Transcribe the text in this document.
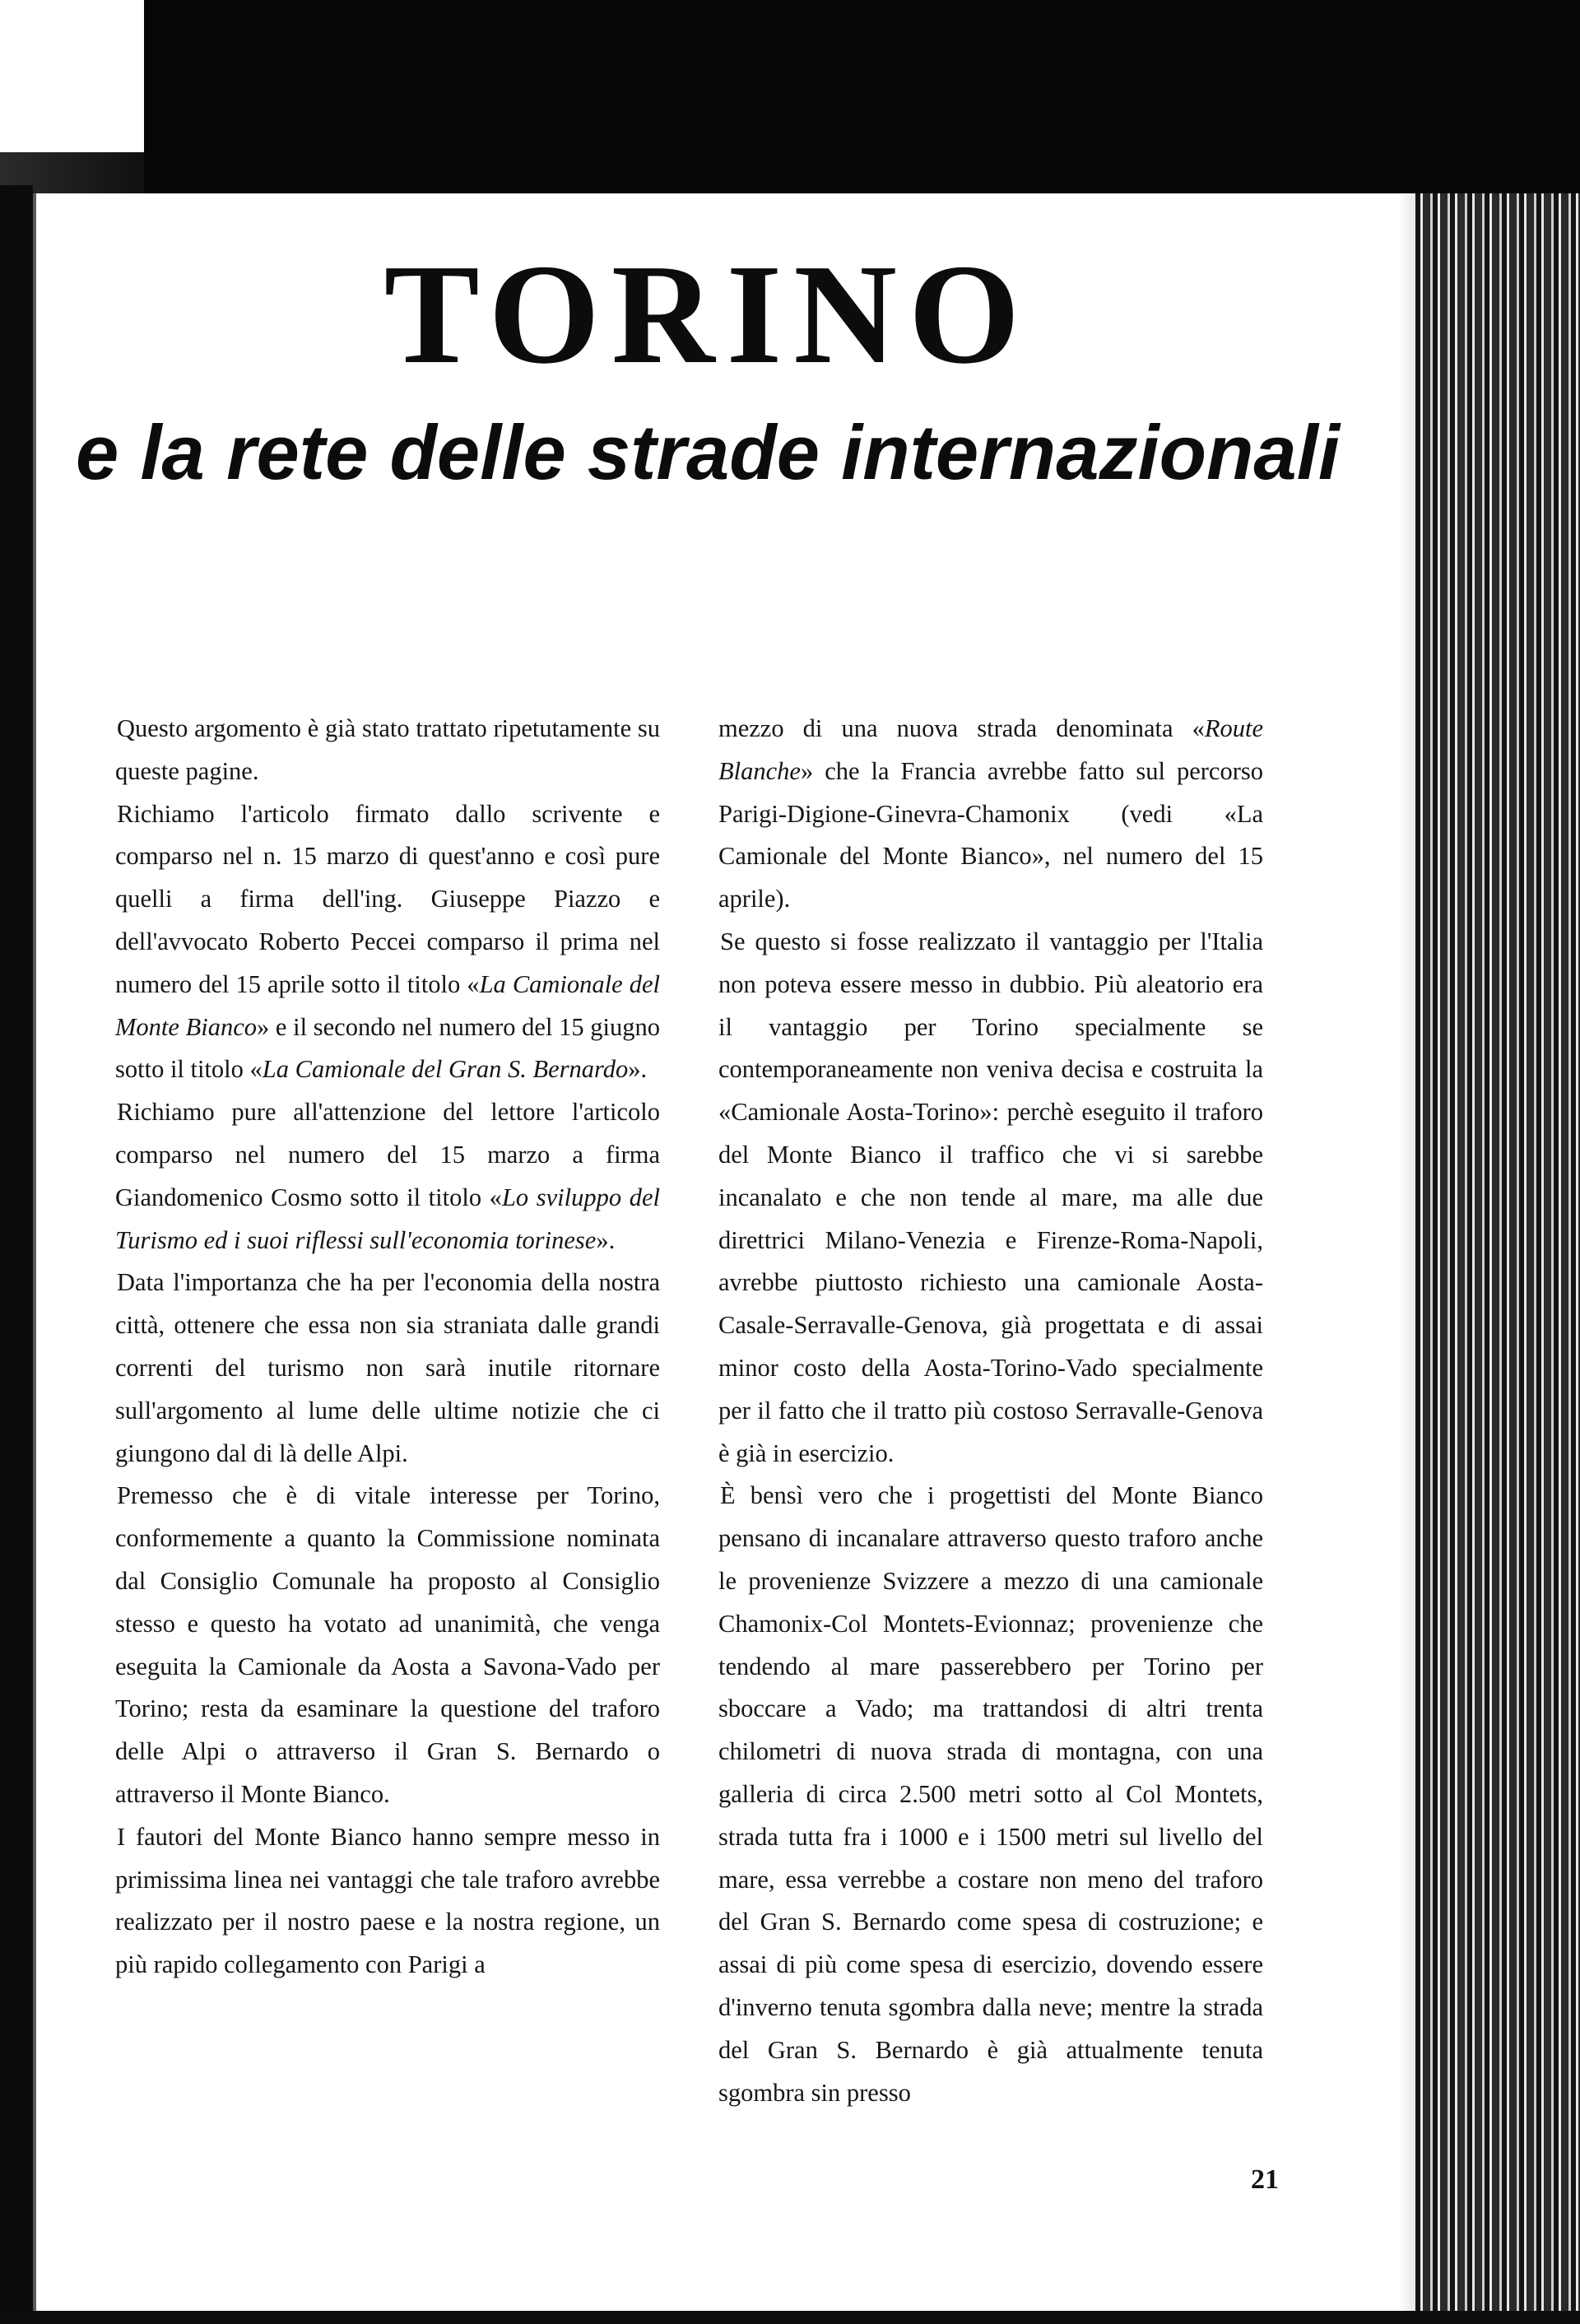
TORINO
e la rete delle strade internazionali

Questo argomento è già stato trattato ripetutamente su queste pagine.

Richiamo l'articolo firmato dallo scrivente e comparso nel n. 15 marzo di quest'anno e così pure quelli a firma dell'ing. Giuseppe Piazzo e dell'avvocato Roberto Peccei comparso il prima nel numero del 15 aprile sotto il titolo «La Camionale del Monte Bianco» e il secondo nel numero del 15 giugno sotto il titolo «La Camionale del Gran S. Bernardo».

Richiamo pure all'attenzione del lettore l'articolo comparso nel numero del 15 marzo a firma Giandomenico Cosmo sotto il titolo «Lo sviluppo del Turismo ed i suoi riflessi sull'economia torinese».

Data l'importanza che ha per l'economia della nostra città, ottenere che essa non sia straniata dalle grandi correnti del turismo non sarà inutile ritornare sull'argomento al lume delle ultime notizie che ci giungono dal di là delle Alpi.

Premesso che è di vitale interesse per Torino, conformemente a quanto la Commissione nominata dal Consiglio Comunale ha proposto al Consiglio stesso e questo ha votato ad unanimità, che venga eseguita la Camionale da Aosta a Savona-Vado per Torino; resta da esaminare la questione del traforo delle Alpi o attraverso il Gran S. Bernardo o attraverso il Monte Bianco.

I fautori del Monte Bianco hanno sempre messo in primissima linea nei vantaggi che tale traforo avrebbe realizzato per il nostro paese e la nostra regione, un più rapido collegamento con Parigi a

mezzo di una nuova strada denominata «Route Blanche» che la Francia avrebbe fatto sul percorso Parigi-Digione-Ginevra-Chamonix (vedi «La Camionale del Monte Bianco», nel numero del 15 aprile).

Se questo si fosse realizzato il vantaggio per l'Italia non poteva essere messo in dubbio. Più aleatorio era il vantaggio per Torino specialmente se contemporaneamente non veniva decisa e costruita la «Camionale Aosta-Torino»: perchè eseguito il traforo del Monte Bianco il traffico che vi si sarebbe incanalato e che non tende al mare, ma alle due direttrici Milano-Venezia e Firenze-Roma-Napoli, avrebbe piuttosto richiesto una camionale Aosta-Casale-Serravalle-Genova, già progettata e di assai minor costo della Aosta-Torino-Vado specialmente per il fatto che il tratto più costoso Serravalle-Genova è già in esercizio.

È bensì vero che i progettisti del Monte Bianco pensano di incanalare attraverso questo traforo anche le provenienze Svizzere a mezzo di una camionale Chamonix-Col Montets-Evionnaz; provenienze che tendendo al mare passerebbero per Torino per sboccare a Vado; ma trattandosi di altri trenta chilometri di nuova strada di montagna, con una galleria di circa 2.500 metri sotto al Col Montets, strada tutta fra i 1000 e i 1500 metri sul livello del mare, essa verrebbe a costare non meno del traforo del Gran S. Bernardo come spesa di costruzione; e assai di più come spesa di esercizio, dovendo essere d'inverno tenuta sgombra dalla neve; mentre la strada del Gran S. Bernardo è già attualmente tenuta sgombra sin presso

21
